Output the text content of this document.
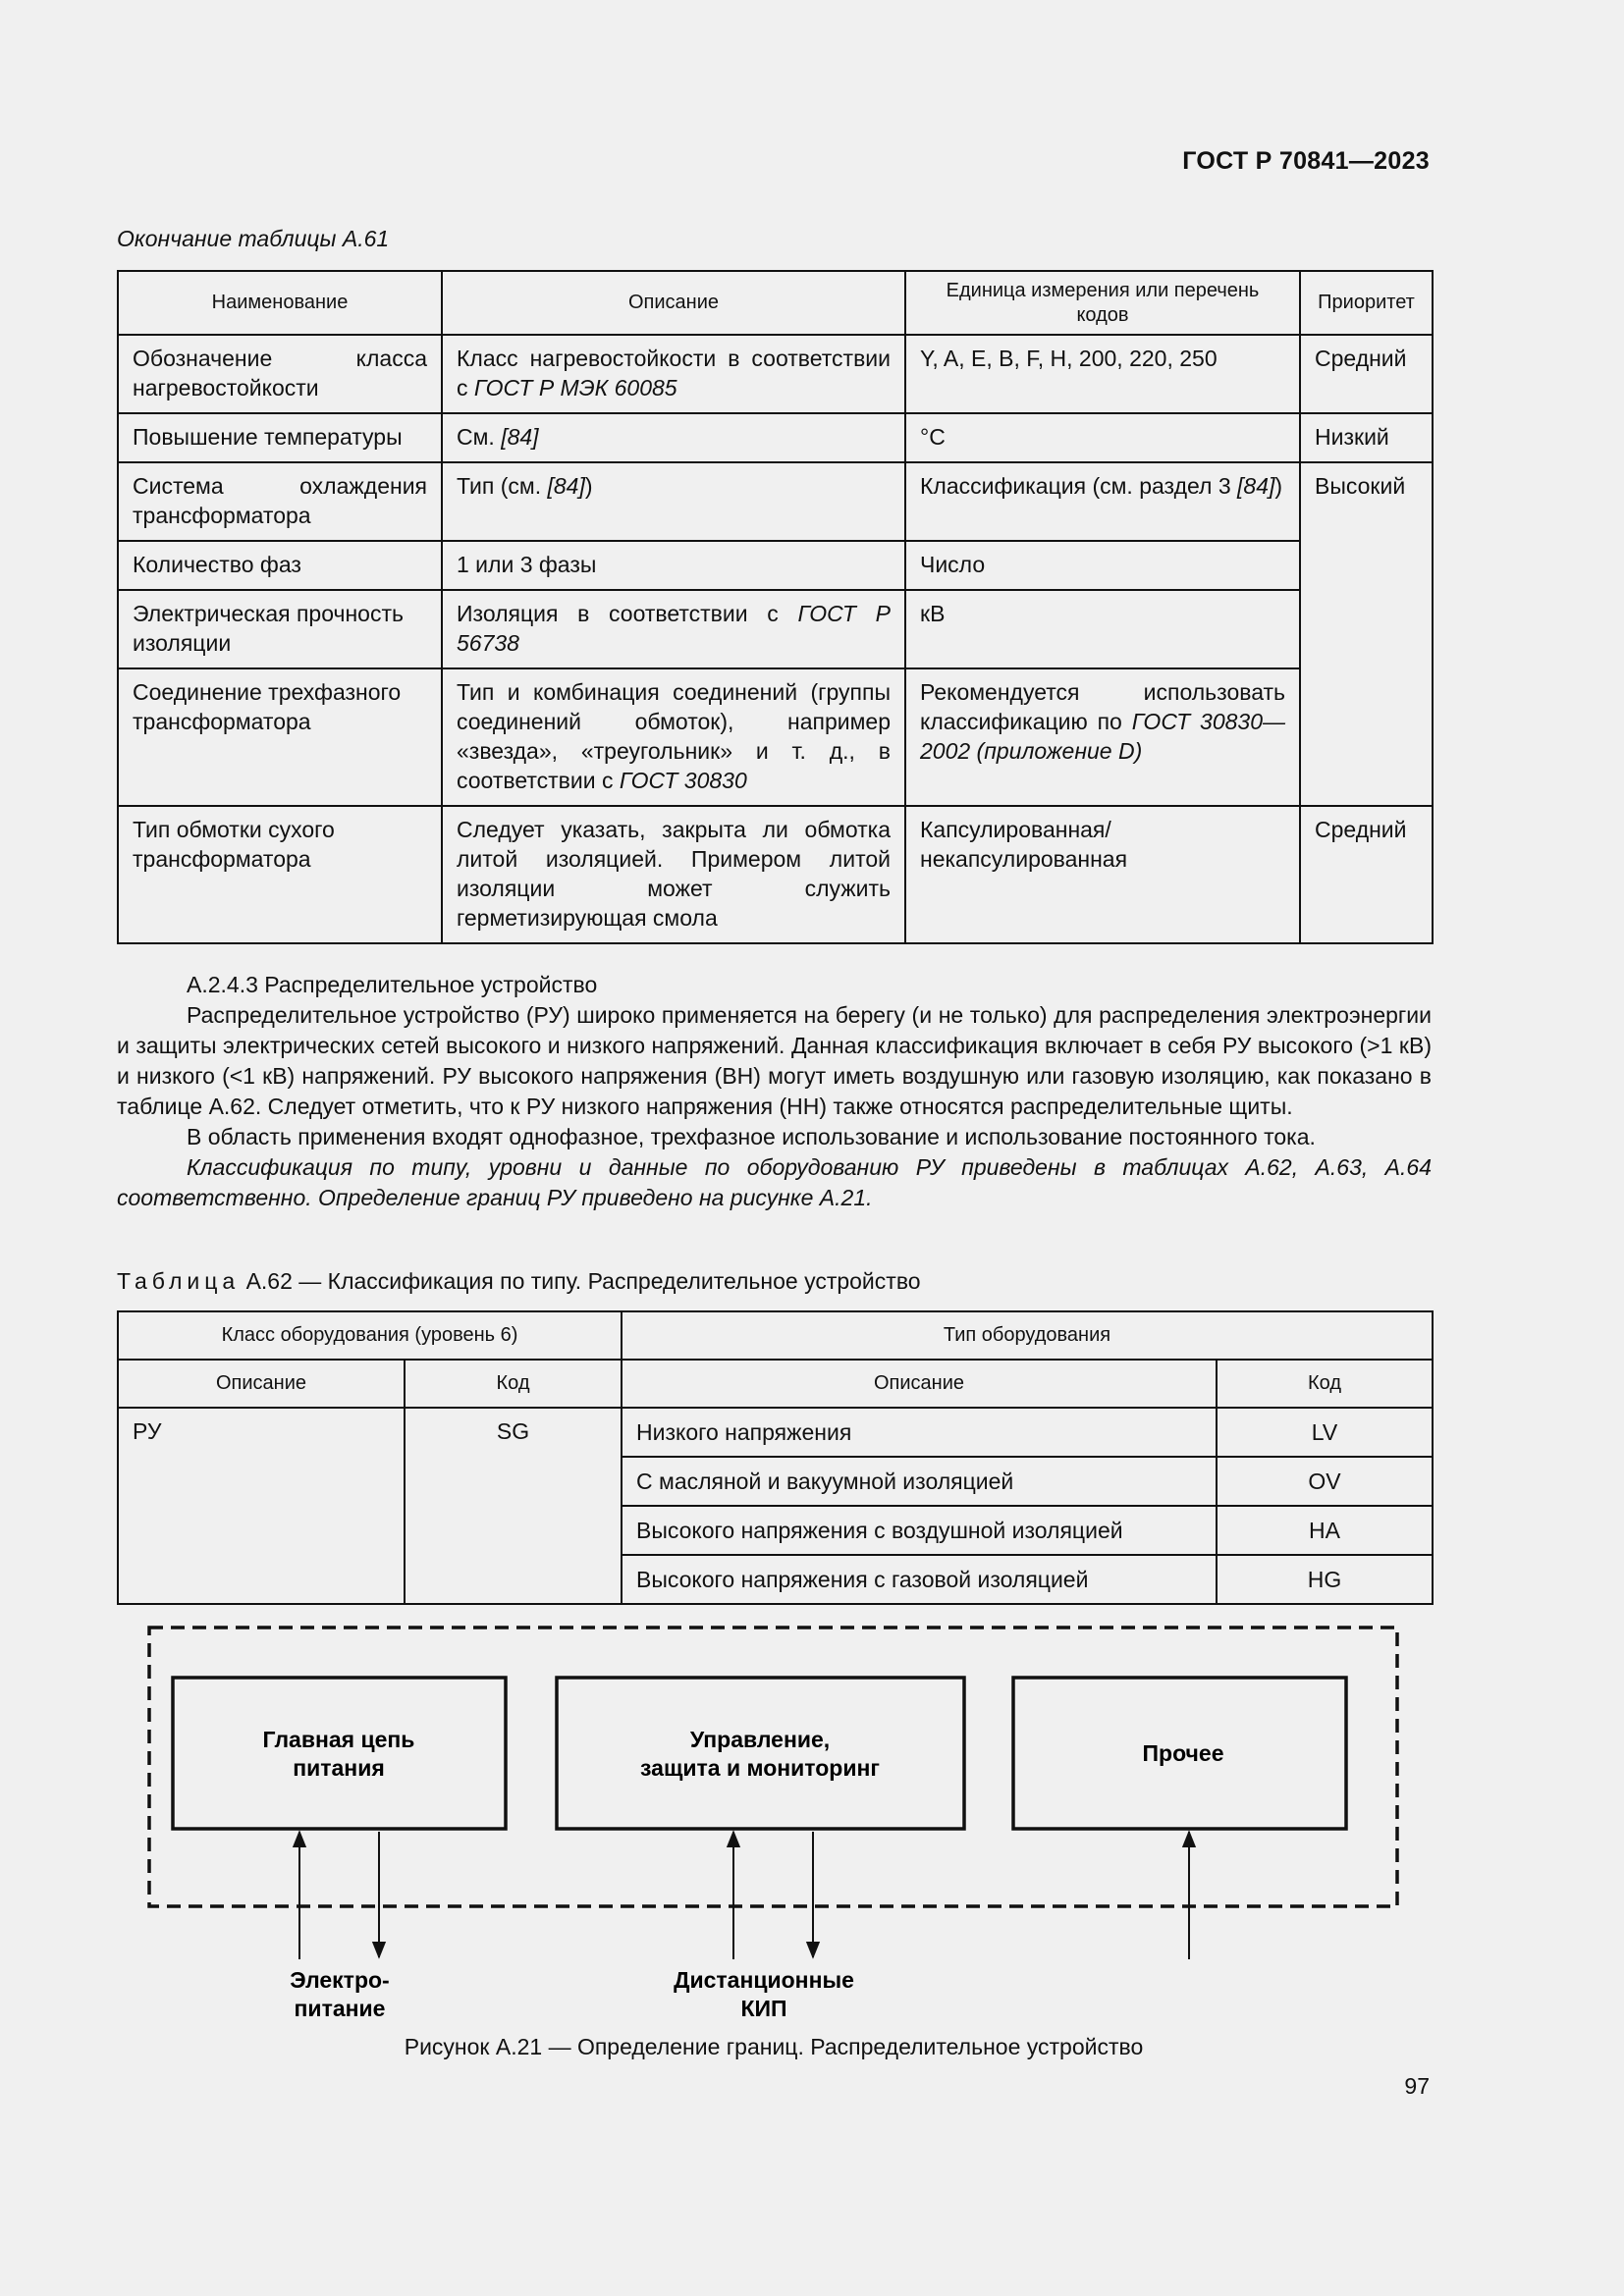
ГОСТ Р 70841—2023
Окончание таблицы А.61
Наименование	Описание	Единица измерения или перечень кодов	Приоритет
Обозначение класса нагревостойкости	Класс нагревостойкости в соответствии с ГОСТ Р МЭК 60085	Y, A, E, B, F, H, 200, 220, 250	Средний
Повышение температуры	См. [84]	°C	Низкий
Система охлаждения трансформатора	Тип (см. [84])	Классификация (см. раздел 3 [84])	Высокий
Количество фаз	1 или 3 фазы	Число	
Электрическая прочность изоляции	Изоляция в соответствии с ГОСТ Р 56738	кВ	
Соединение трехфазного трансформатора	Тип и комбинация соединений (группы соединений обмоток), например «звезда», «треугольник» и т. д., в соответствии с ГОСТ 30830	Рекомендуется использовать классификацию по ГОСТ 30830—2002 (приложение D)	
Тип обмотки сухого трансформатора	Следует указать, закрыта ли обмотка литой изоляцией. Примером литой изоляции может служить герметизирующая смола	Капсулированная/некапсулированная	Средний

А.2.4.3 Распределительное устройство

Распределительное устройство (РУ) широко применяется на берегу (и не только) для распределения электроэнергии и защиты электрических сетей высокого и низкого напряжений. Данная классификация включает в себя РУ высокого (>1 кВ) и низкого (<1 кВ) напряжений. РУ высокого напряжения (ВН) могут иметь воздушную или газовую изоляцию, как показано в таблице А.62. Следует отметить, что к РУ низкого напряжения (НН) также относятся распределительные щиты.

В область применения входят однофазное, трехфазное использование и использование постоянного тока.

Классификация по типу, уровни и данные по оборудованию РУ приведены в таблицах А.62, А.63, А.64 соответственно. Определение границ РУ приведено на рисунке А.21.

Таблица А.62 — Классификация по типу. Распределительное устройство
Класс оборудования (уровень 6)		Тип оборудования	
Описание	Код	Описание	Код
РУ	SG	Низкого напряжения	LV
		С масляной и вакуумной изоляцией	OV
		Высокого напряжения с воздушной изоляцией	HA
		Высокого напряжения с газовой изоляцией	HG
Главная цепь
питания
Управление,
защита и мониторинг
Прочее
Электро-
питание
Дистанционные
КИП
Рисунок А.21 — Определение границ. Распределительное устройство
97
